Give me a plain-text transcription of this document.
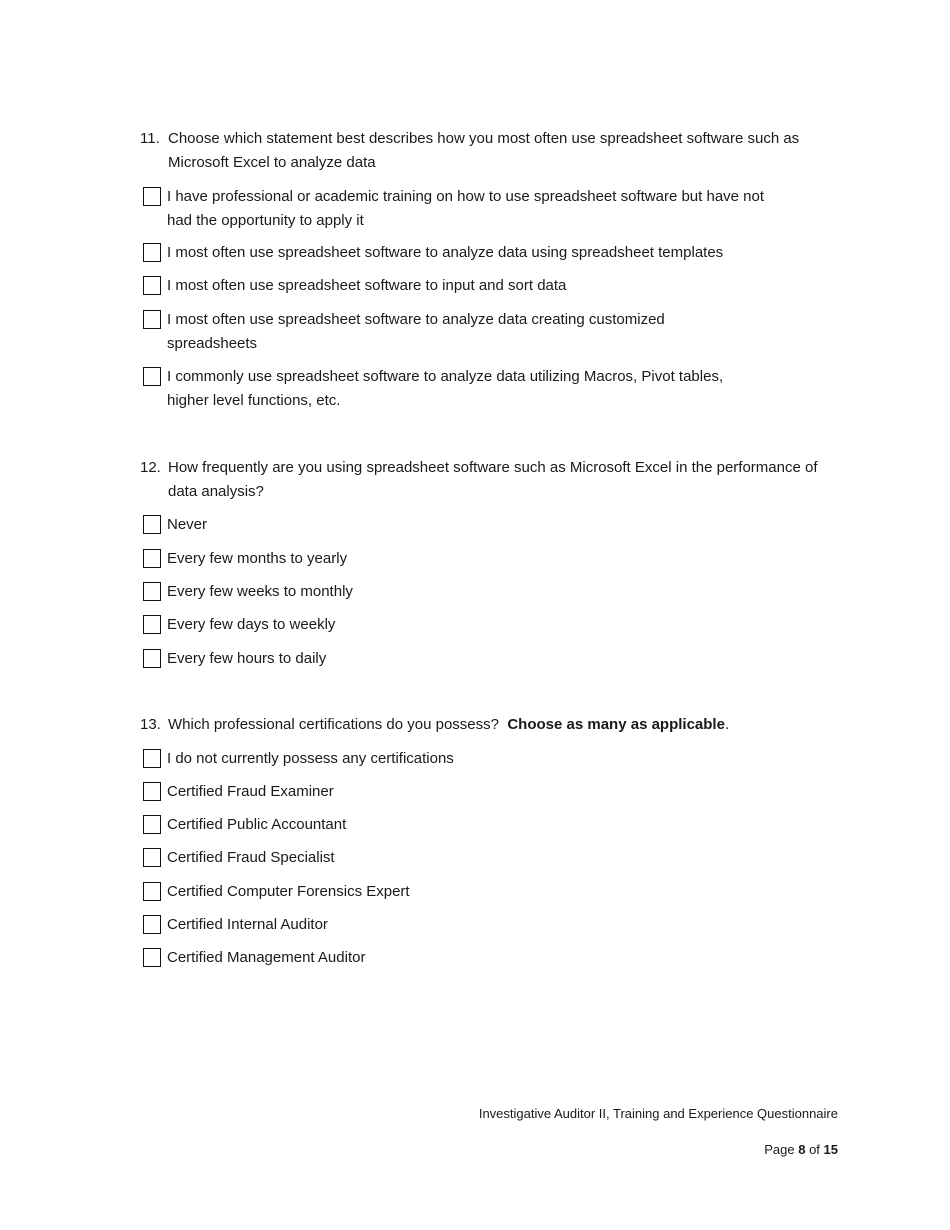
11. Choose which statement best describes how you most often use spreadsheet software such as Microsoft Excel to analyze data
I have professional or academic training on how to use spreadsheet software but have not had the opportunity to apply it
I most often use spreadsheet software to analyze data using spreadsheet templates
I most often use spreadsheet software to input and sort data
I most often use spreadsheet software to analyze data creating customized spreadsheets
I commonly use spreadsheet software to analyze data utilizing Macros, Pivot tables, higher level functions, etc.
12. How frequently are you using spreadsheet software such as Microsoft Excel in the performance of data analysis?
Never
Every few months to yearly
Every few weeks to monthly
Every few days to weekly
Every few hours to daily
13. Which professional certifications do you possess? Choose as many as applicable.
I do not currently possess any certifications
Certified Fraud Examiner
Certified Public Accountant
Certified Fraud Specialist
Certified Computer Forensics Expert
Certified Internal Auditor
Certified Management Auditor
Investigative Auditor II, Training and Experience Questionnaire
Page 8 of 15
